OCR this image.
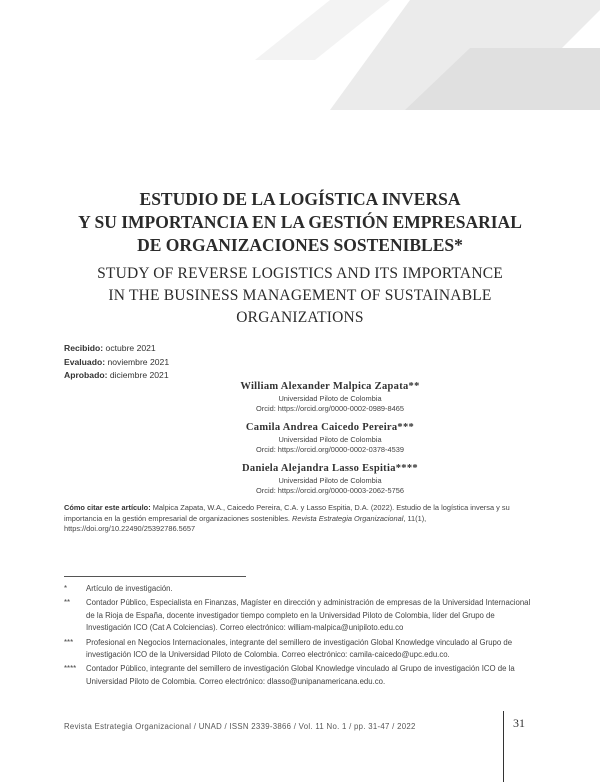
ESTUDIO DE LA LOGÍSTICA INVERSA
Y SU IMPORTANCIA EN LA GESTIÓN EMPRESARIAL
DE ORGANIZACIONES SOSTENIBLES*
STUDY OF REVERSE LOGISTICS AND ITS IMPORTANCE
IN THE BUSINESS MANAGEMENT OF SUSTAINABLE
ORGANIZATIONS
Recibido: octubre 2021
Evaluado: noviembre 2021
Aprobado: diciembre 2021
William Alexander Malpica Zapata**
Universidad Piloto de Colombia
Orcid: https://orcid.org/0000-0002-0989-8465
Camila Andrea Caicedo Pereira***
Universidad Piloto de Colombia
Orcid: https://orcid.org/0000-0002-0378-4539
Daniela Alejandra Lasso Espitia****
Universidad Piloto de Colombia
Orcid: https://orcid.org/0000-0003-2062-5756
Cómo citar este artículo: Malpica Zapata, W.A., Caicedo Pereira, C.A. y Lasso Espitia, D.A. (2022). Estudio de la logística inversa y su importancia en la gestión empresarial de organizaciones sostenibles. Revista Estrategia Organizacional, 11(1), https://doi.org/10.22490/25392786.5657
*	Artículo de investigación.
**	Contador Público, Especialista en Finanzas, Magíster en dirección y administración de empresas de la Universidad Internacional de la Rioja de España, docente investigador tiempo completo en la Universidad Piloto de Colombia, líder del Grupo de Investigación ICO (Cat A Colciencias). Correo electrónico: william-malpica@unipiloto.edu.co
***	Profesional en Negocios Internacionales, integrante del semillero de investigación Global Knowledge vinculado al Grupo de investigación ICO de la Universidad Piloto de Colombia. Correo electrónico: camila-caicedo@upc.edu.co.
****	Contador Público, integrante del semillero de investigación Global Knowledge vinculado al Grupo de investigación ICO de la Universidad Piloto de Colombia. Correo electrónico: dlasso@unipanamericana.edu.co.
Revista Estrategia Organizacional / UNAD / ISSN 2339-3866 / Vol. 11 No. 1 / pp. 31-47 / 2022	31
